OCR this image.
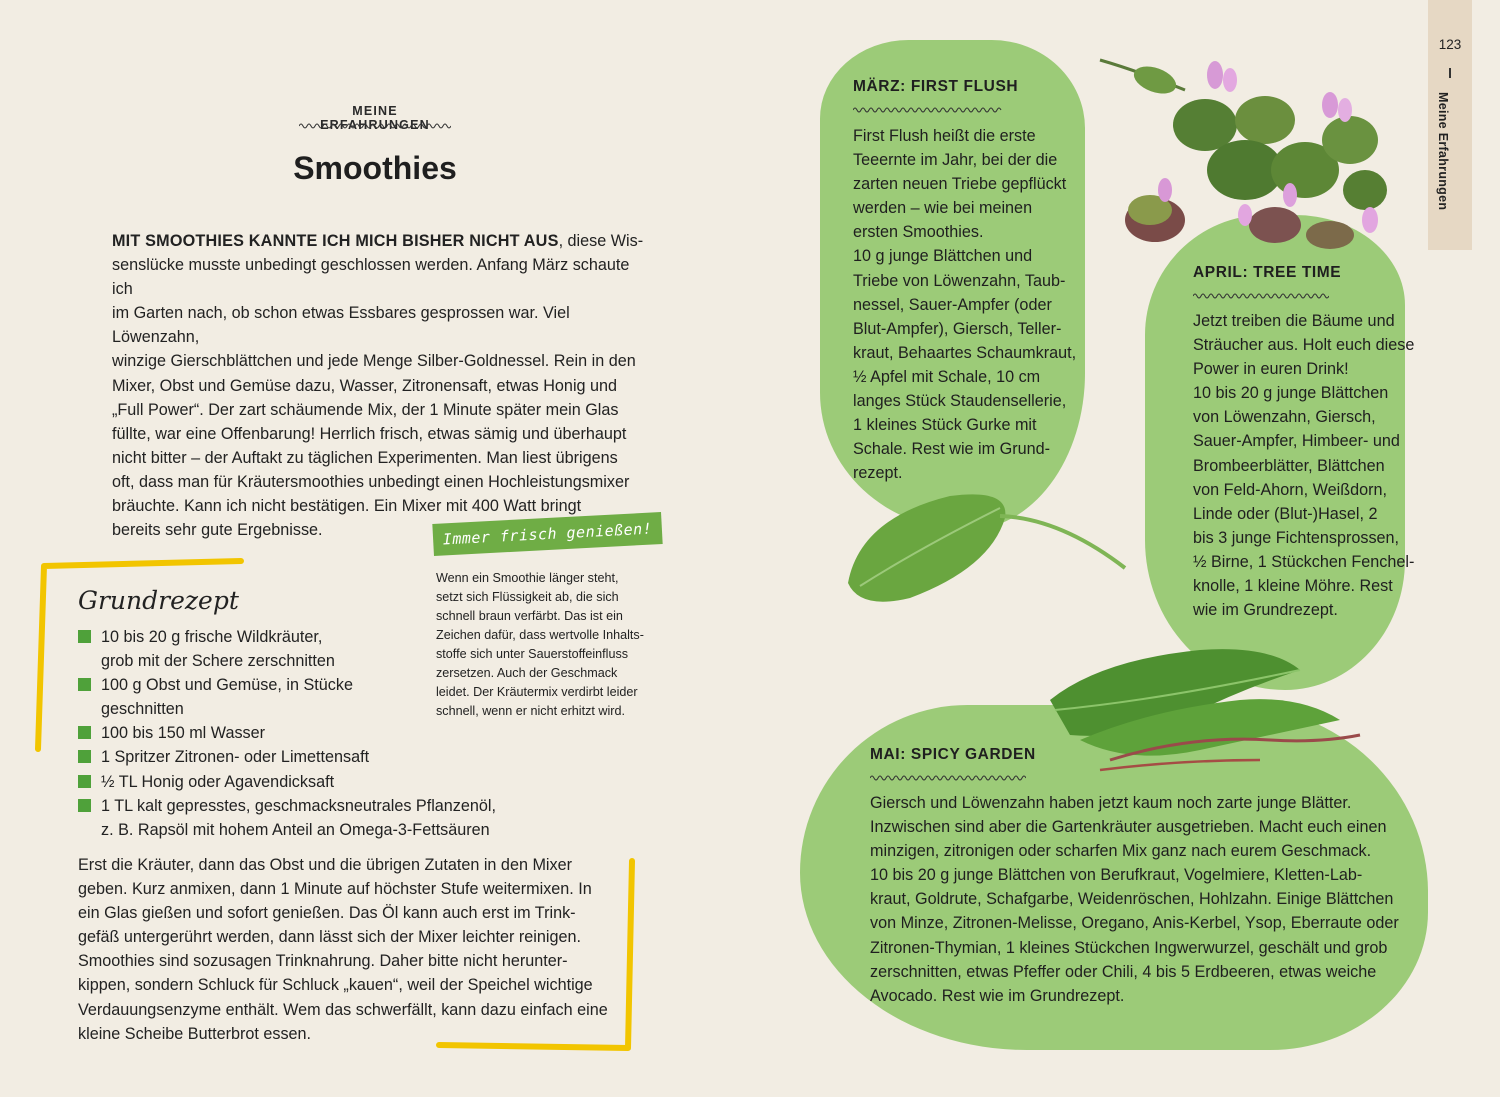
123
Meine Erfahrungen
MEINE ERFAHRUNGEN
Smoothies
MIT SMOOTHIES KANNTE ICH MICH BISHER NICHT AUS, diese Wis-
senslücke musste unbedingt geschlossen werden. Anfang März schaute ich
im Garten nach, ob schon etwas Essbares gesprossen war. Viel Löwenzahn,
winzige Gierschblättchen und jede Menge Silber-Goldnessel. Rein in den
Mixer, Obst und Gemüse dazu, Wasser, Zitronensaft, etwas Honig und
„Full Power“. Der zart schäumende Mix, der 1 Minute später mein Glas
füllte, war eine Offenbarung! Herrlich frisch, etwas sämig und überhaupt
nicht bitter – der Auftakt zu täglichen Experimenten. Man liest übrigens
oft, dass man für Kräutersmoothies unbedingt einen Hochleistungsmixer
bräuchte. Kann ich nicht bestätigen. Ein Mixer mit 400 Watt bringt
bereits sehr gute Ergebnisse.	Immer frisch genießen!
Wenn ein Smoothie länger steht,
setzt sich Flüssigkeit ab, die sich
schnell braun verfärbt. Das ist ein
Zeichen dafür, dass wertvolle Inhalts-
stoffe sich unter Sauerstoffeinfluss
zersetzen. Auch der Geschmack
leidet. Der Kräutermix verdirbt leider
schnell, wenn er nicht erhitzt wird.
Grundrezept
10 bis 20 g frische Wildkräuter,
grob mit der Schere zerschnitten
100 g Obst und Gemüse, in Stücke
geschnitten
100 bis 150 ml Wasser
1 Spritzer Zitronen- oder Limettensaft
½ TL Honig oder Agavendicksaft
1 TL kalt gepresstes, geschmacksneutrales Pflanzenöl,
z. B. Rapsöl mit hohem Anteil an Omega-3-Fettsäuren
Erst die Kräuter, dann das Obst und die übrigen Zutaten in den Mixer
geben. Kurz anmixen, dann 1 Minute auf höchster Stufe weitermixen. In
ein Glas gießen und sofort genießen. Das Öl kann auch erst im Trink-
gefäß untergerührt werden, dann lässt sich der Mixer leichter reinigen.
Smoothies sind sozusagen Trinknahrung. Daher bitte nicht herunter-
kippen, sondern Schluck für Schluck „kauen“, weil der Speichel wichtige
Verdauungsenzyme enthält. Wem das schwerfällt, kann dazu einfach eine
kleine Scheibe Butterbrot essen.
MÄRZ: FIRST FLUSH
First Flush heißt die erste
Teeernte im Jahr, bei der die
zarten neuen Triebe gepflückt
werden – wie bei meinen
ersten Smoothies.
10 g junge Blättchen und
Triebe von Löwenzahn, Taub-
nessel, Sauer-Ampfer (oder
Blut-Ampfer), Giersch, Teller-
kraut, Behaartes Schaumkraut,
½ Apfel mit Schale, 10 cm
langes Stück Staudensellerie,
1 kleines Stück Gurke mit
Schale. Rest wie im Grund-
rezept.
APRIL: TREE TIME
Jetzt treiben die Bäume und
Sträucher aus. Holt euch diese
Power in euren Drink!
10 bis 20 g junge Blättchen
von Löwenzahn, Giersch,
Sauer-Ampfer, Himbeer- und
Brombeerblätter, Blättchen
von Feld-Ahorn, Weißdorn,
Linde oder (Blut-)Hasel, 2
bis 3 junge Fichtensprossen,
½ Birne, 1 Stückchen Fenchel-
knolle, 1 kleine Möhre. Rest
wie im Grundrezept.
MAI: SPICY GARDEN
Giersch und Löwenzahn haben jetzt kaum noch zarte junge Blätter.
Inzwischen sind aber die Gartenkräuter ausgetrieben. Macht euch einen
minzigen, zitronigen oder scharfen Mix ganz nach eurem Geschmack.
10 bis 20 g junge Blättchen von Berufkraut, Vogelmiere, Kletten-Lab-
kraut, Goldrute, Schafgarbe, Weidenröschen, Hohlzahn. Einige Blättchen
von Minze, Zitronen-Melisse, Oregano, Anis-Kerbel, Ysop, Eberraute oder
Zitronen-Thymian, 1 kleines Stückchen Ingwerwurzel, geschält und grob
zerschnitten, etwas Pfeffer oder Chili, 4 bis 5 Erdbeeren, etwas weiche
Avocado. Rest wie im Grundrezept.
